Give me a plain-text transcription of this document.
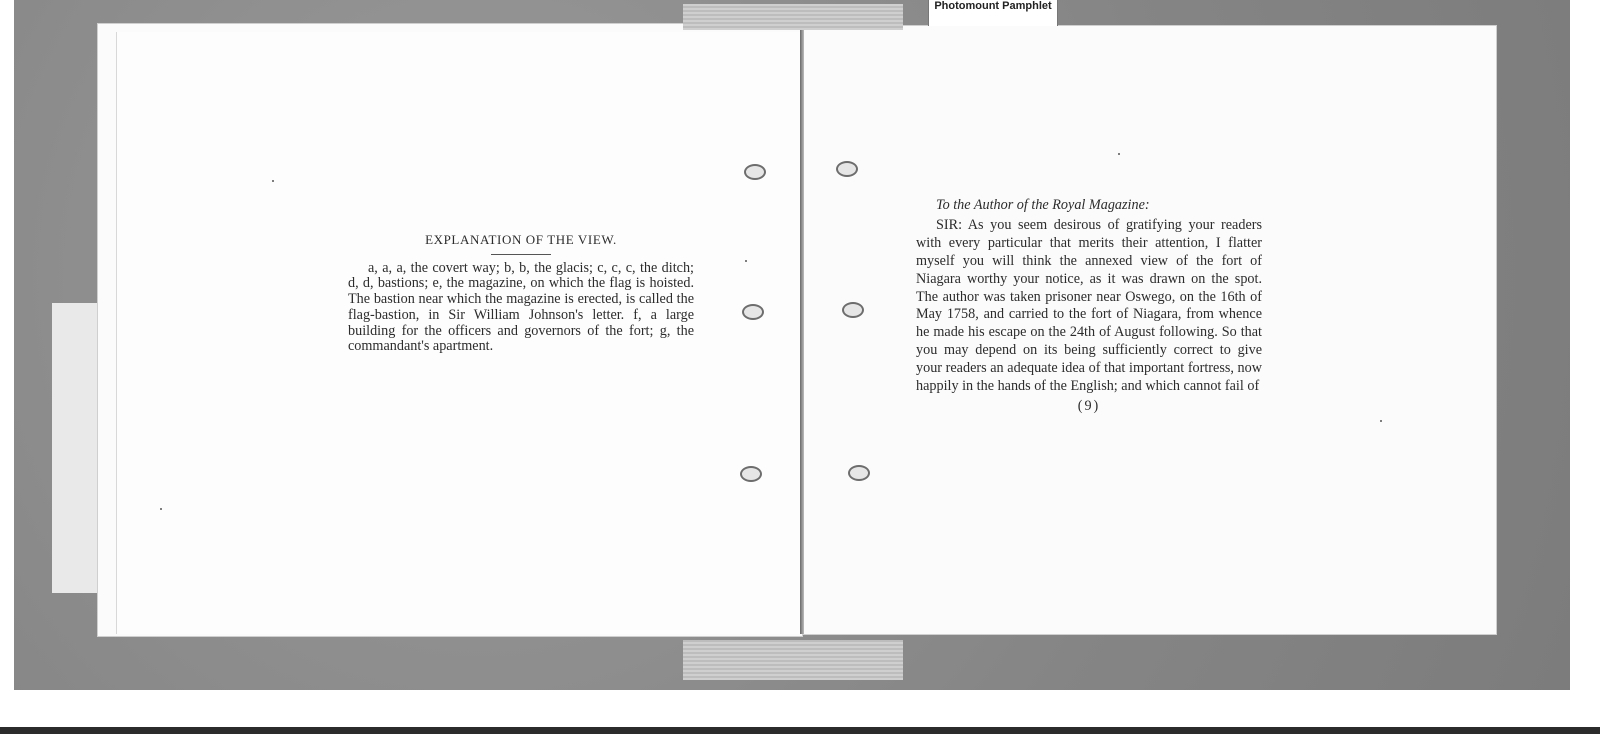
Photomount Pamphlet
EXPLANATION OF THE VIEW.

a, a, a, the covert way; b, b, the glacis; c, c, c, the ditch; d, d, bastions; e, the magazine, on which the flag is hoisted. The bastion near which the magazine is erected, is called the flag-bastion, in Sir William Johnson's letter. f, a large building for the officers and governors of the fort; g, the commandant's apartment.

To the Author of the Royal Magazine:

SIR: As you seem desirous of gratifying your readers with every particular that merits their attention, I flatter myself you will think the annexed view of the fort of Niagara worthy your notice, as it was drawn on the spot. The author was taken prisoner near Oswego, on the 16th of May 1758, and carried to the fort of Niagara, from whence he made his escape on the 24th of August following. So that you may depend on its being sufficiently correct to give your readers an adequate idea of that important fortress, now happily in the hands of the English; and which cannot fail of

(9)
